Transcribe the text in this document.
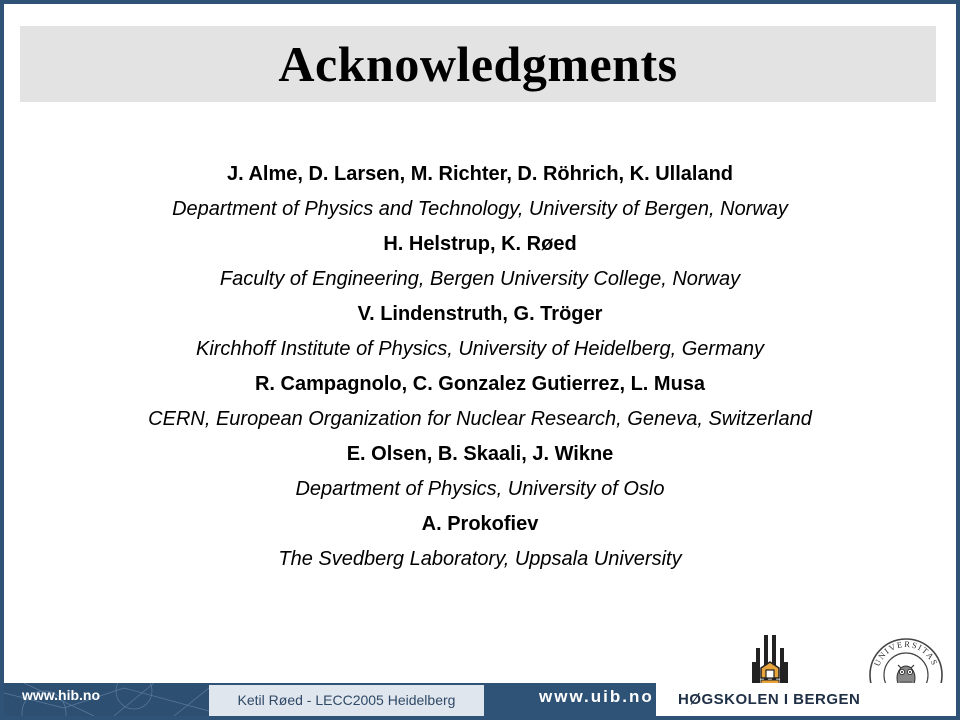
Acknowledgments
J. Alme, D. Larsen, M. Richter, D. Röhrich, K. Ullaland
Department of Physics and Technology, University of Bergen, Norway
H. Helstrup, K. Røed
Faculty of Engineering, Bergen University College, Norway
V. Lindenstruth, G. Tröger
Kirchhoff Institute of Physics, University of Heidelberg, Germany
R. Campagnolo, C. Gonzalez Gutierrez, L. Musa
CERN, European Organization for Nuclear Research, Geneva, Switzerland
E. Olsen, B. Skaali, J. Wikne
Department of Physics, University of Oslo
A. Prokofiev
The Svedberg Laboratory, Uppsala University
UNIVERSITAS
www.hib.no	Ketil Røed - LECC2005 Heidelberg	www.uib.no HØGSKOLEN I BERGEN
